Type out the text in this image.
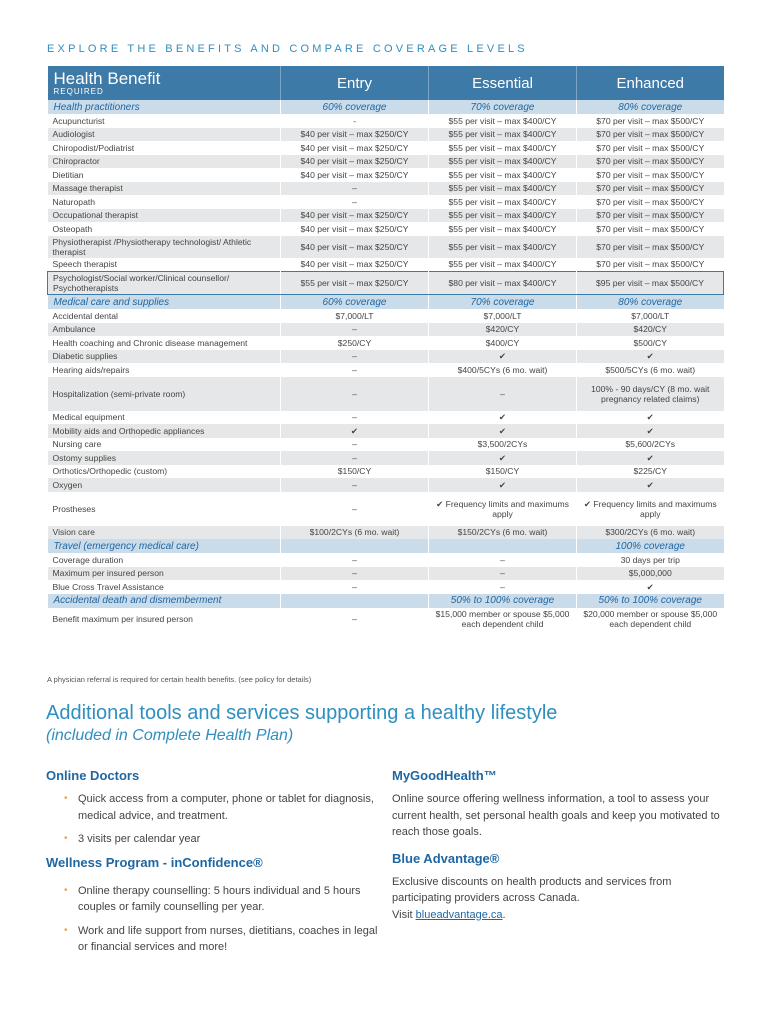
EXPLORE THE BENEFITS AND COMPARE COVERAGE LEVELS
Health Benefit
REQUIRED	Entry	Essential	Enhanced
Health practitioners	60% coverage	70% coverage	80% coverage
Acupuncturist	-	$55 per visit – max $400/CY	$70 per visit – max $500/CY
Audiologist	$40 per visit – max $250/CY	$55 per visit – max $400/CY	$70 per visit – max $500/CY
Chiropodist/Podiatrist	$40 per visit – max $250/CY	$55 per visit – max $400/CY	$70 per visit – max $500/CY
Chiropractor	$40 per visit – max $250/CY	$55 per visit – max $400/CY	$70 per visit – max $500/CY
Dietitian	$40 per visit – max $250/CY	$55 per visit – max $400/CY	$70 per visit – max $500/CY
Massage therapist	–	$55 per visit – max $400/CY	$70 per visit – max $500/CY
Naturopath	–	$55 per visit – max $400/CY	$70 per visit – max $500/CY
Occupational therapist	$40 per visit – max $250/CY	$55 per visit – max $400/CY	$70 per visit – max $500/CY
Osteopath	$40 per visit – max $250/CY	$55 per visit – max $400/CY	$70 per visit – max $500/CY
Physiotherapist /Physiotherapy technologist/ Athletic therapist	$40 per visit – max $250/CY	$55 per visit – max $400/CY	$70 per visit – max $500/CY
Speech therapist	$40 per visit – max $250/CY	$55 per visit – max $400/CY	$70 per visit – max $500/CY
Psychologist/Social worker/Clinical counsellor/ Psychotherapists	$55 per visit – max $250/CY	$80 per visit – max $400/CY	$95 per visit – max $500/CY
Medical care and supplies	60% coverage	70% coverage	80% coverage
Accidental dental	$7,000/LT	$7,000/LT	$7,000/LT
Ambulance	–	$420/CY	$420/CY
Health coaching and Chronic disease management	$250/CY	$400/CY	$500/CY
Diabetic supplies	–	✔	✔
Hearing aids/repairs	–	$400/5CYs (6 mo. wait)	$500/5CYs (6 mo. wait)
Hospitalization (semi-private room)	–	–	100% - 90 days/CY (8 mo. wait pregnancy related claims)
Medical equipment	–	✔	✔
Mobility aids and Orthopedic appliances	✔	✔	✔
Nursing care	–	$3,500/2CYs	$5,600/2CYs
Ostomy supplies	–	✔	✔
Orthotics/Orthopedic (custom)	$150/CY	$150/CY	$225/CY
Oxygen	–	✔	✔
Prostheses	–	✔ Frequency limits and maximums apply	✔ Frequency limits and maximums apply
Vision care	$100/2CYs (6 mo. wait)	$150/2CYs (6 mo. wait)	$300/2CYs (6 mo. wait)
Travel (emergency medical care)			100% coverage
Coverage duration	–	–	30 days per trip
Maximum per insured person	–	–	$5,000,000
Blue Cross Travel Assistance	–	–	✔
Accidental death and dismemberment		50% to 100% coverage	50% to 100% coverage
Benefit maximum per insured person	–	$15,000 member or spouse $5,000 each dependent child	$20,000 member or spouse $5,000 each dependent child
A physician referral is required for certain health benefits. (see policy for details)
Additional tools and services supporting a healthy lifestyle
(included in Complete Health Plan)
Online Doctors
• Quick access from a computer, phone or tablet for diagnosis, medical advice, and treatment.
• 3 visits per calendar year
Wellness Program - inConfidence®
• Online therapy counselling: 5 hours individual and 5 hours couples or family counselling per year.
• Work and life support from nurses, dietitians, coaches in legal or financial services and more!
MyGoodHealth™

Online source offering wellness information, a tool to assess your current health, set personal health goals and keep you motivated to reach those goals.

Blue Advantage®

Exclusive discounts on health products and services from participating providers across Canada.
Visit blueadvantage.ca.
